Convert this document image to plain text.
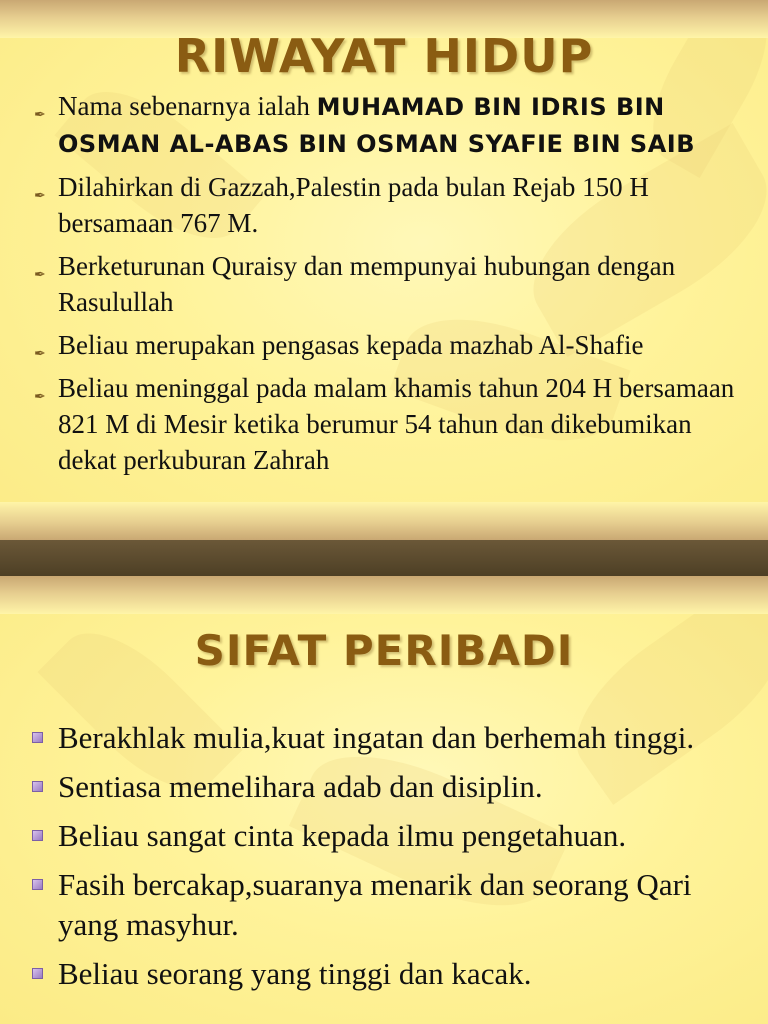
RIWAYAT HIDUP
✒ Nama sebenarnya ialah MUHAMAD BIN IDRIS BIN OSMAN AL-ABAS BIN OSMAN SYAFIE BIN SAIB
✒ Dilahirkan di Gazzah,Palestin pada bulan Rejab 150 H bersamaan 767 M.
✒ Berketurunan Quraisy dan mempunyai hubungan dengan Rasulullah
✒ Beliau merupakan pengasas kepada mazhab Al-Shafie
✒ Beliau meninggal pada malam khamis tahun 204 H bersamaan 821 M di Mesir ketika berumur 54 tahun dan dikebumikan dekat perkuburan Zahrah
SIFAT PERIBADI
Berakhlak mulia,kuat ingatan dan berhemah tinggi.
Sentiasa memelihara adab dan disiplin.
Beliau sangat cinta kepada ilmu pengetahuan.
Fasih bercakap,suaranya menarik dan seorang Qari yang masyhur.
Beliau seorang yang tinggi dan kacak.
